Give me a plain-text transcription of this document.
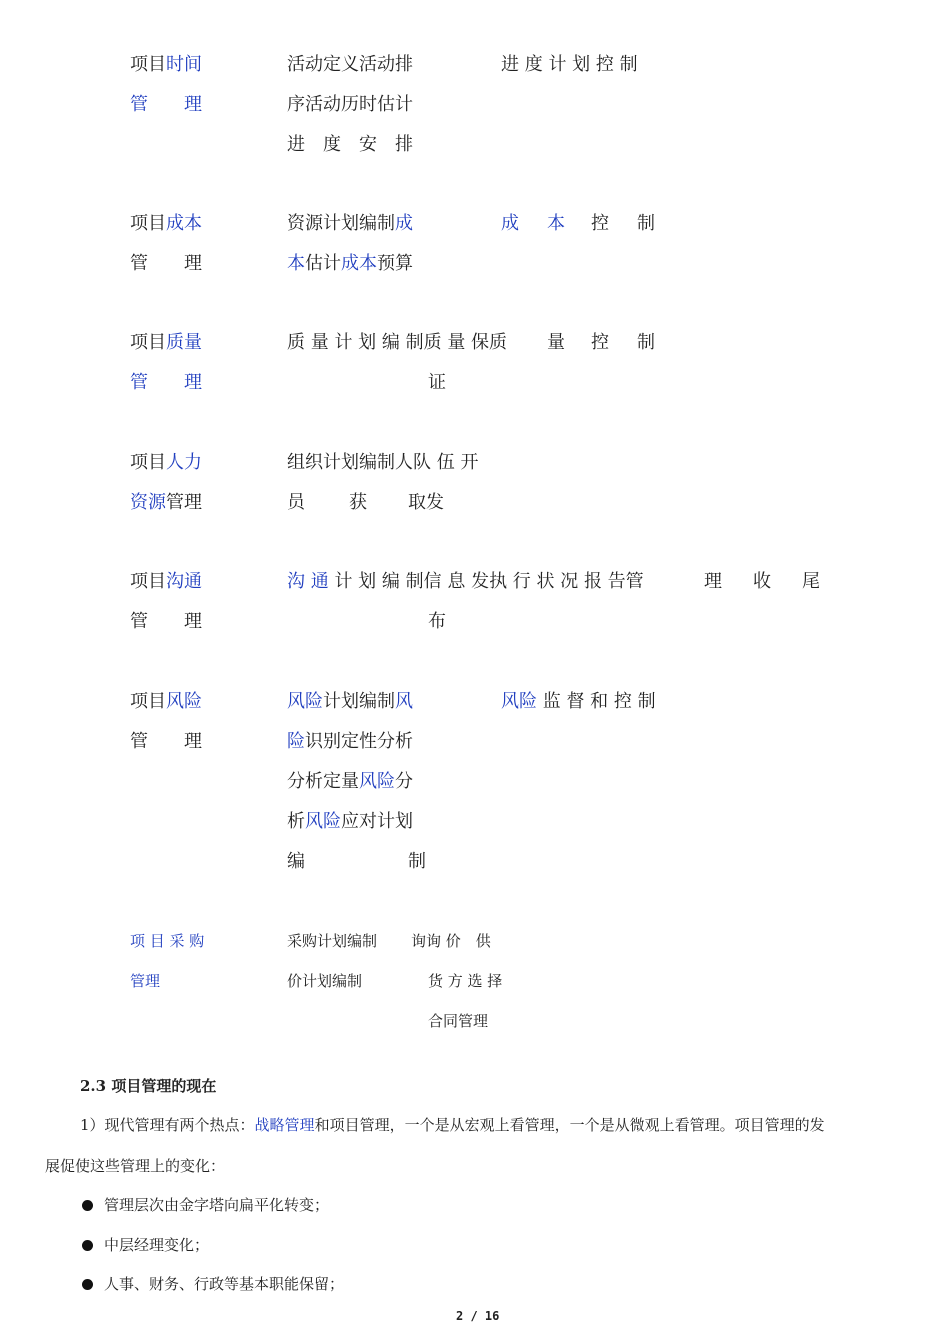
项目时间
管　　理
活动定义活动排
序活动历时估计
进　度　安　排
进 度 计 划 控 制
项目成本
管　　理
资源计划编制成
本估计成本预算
成 本 控 制
项目质量
管　　理
质 量 计 划 编 制质 量 保质
证
量 控 制
项目人力
资源管理
组织计划编制人队 伍 开
员 获 取发
项目沟通
管　　理
沟 通 计 划 编 制信 息 发执 行 状 况 报 告管	理 收 尾
布
项目风险
管　　理
风险计划编制风
险识别定性分析
分析定量风险分
析风险应对计划
编	制
风险 监 督 和 控 制
项 目 采 购
管理
采购计划编制
价计划编制
询询 价　供
货 方 选 择
合同管理
2.3 项目管理的现在
1）现代管理有两个热点：战略管理和项目管理，一个是从宏观上看管理，一个是从微观上看管理。项目管理的发
展促使这些管理上的变化：
管理层次由金字塔向扁平化转变；
中层经理变化；
人事、财务、行政等基本职能保留；
2 / 16
